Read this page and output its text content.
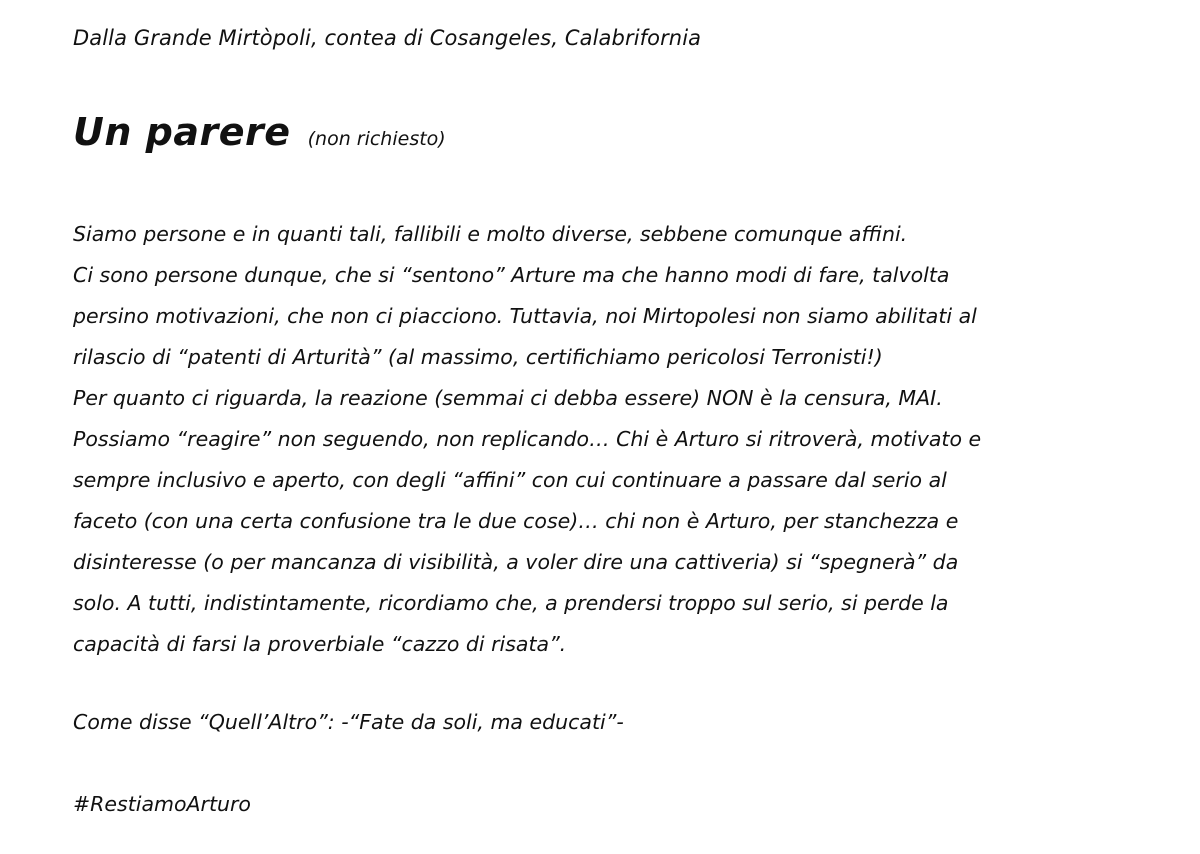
Dalla Grande Mirtòpoli, contea di Cosangeles, Calabrifornia
Un parere (non richiesto)
Siamo persone e in quanti tali, fallibili e molto diverse, sebbene comunque affini.
Ci sono persone dunque, che si “sentono” Arture ma che hanno modi di fare, talvolta
persino motivazioni, che non ci piacciono. Tuttavia, noi Mirtopolesi non siamo abilitati al
rilascio di “patenti di Arturità” (al massimo, certifichiamo pericolosi Terronisti!)
Per quanto ci riguarda, la reazione (semmai ci debba essere) NON è la censura, MAI.
Possiamo “reagire” non seguendo, non replicando… Chi è Arturo si ritroverà, motivato e
sempre inclusivo e aperto, con degli “affini” con cui continuare a passare dal serio al
faceto (con una certa confusione tra le due cose)… chi non è Arturo, per stanchezza e
disinteresse (o per mancanza di visibilità, a voler dire una cattiveria) si “spegnerà” da
solo. A tutti, indistintamente, ricordiamo che, a prendersi troppo sul serio, si perde la
capacità di farsi la proverbiale “cazzo di risata”.
Come disse “Quell’Altro”: -“Fate da soli, ma educati”-
#RestiamoArturo
